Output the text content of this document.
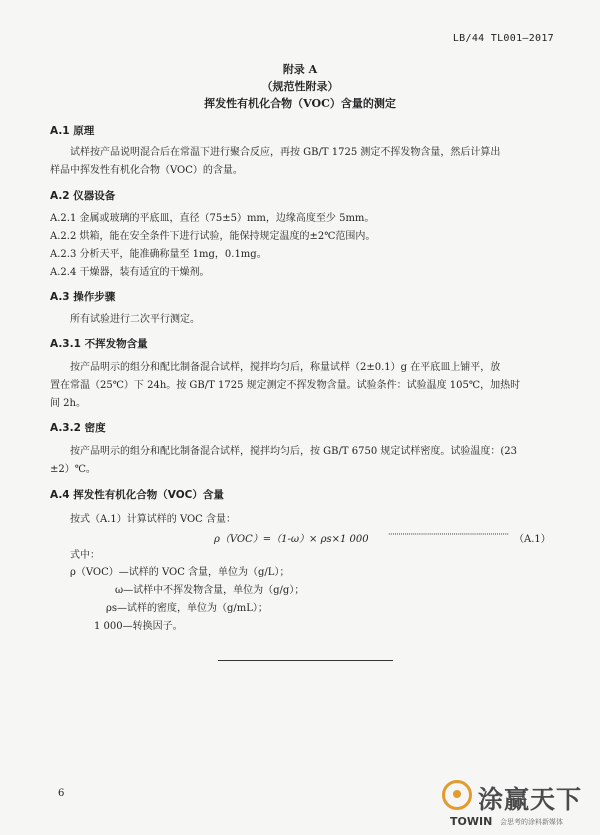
LB/44 TL001—2017
附录 A
（规范性附录）
挥发性有机化合物（VOC）含量的测定
A.1 原理
试样按产品说明混合后在常温下进行聚合反应，再按 GB/T 1725 测定不挥发物含量，然后计算出
样品中挥发性有机化合物（VOC）的含量。
A.2 仪器设备
A.2.1 金属或玻璃的平底皿，直径（75±5）mm，边缘高度至少 5mm。
A.2.2 烘箱，能在安全条件下进行试验，能保持规定温度的±2℃范围内。
A.2.3 分析天平，能准确称量至 1mg，0.1mg。
A.2.4 干燥器，装有适宜的干燥剂。
A.3 操作步骤
所有试验进行二次平行测定。
A.3.1 不挥发物含量
按产品明示的组分和配比制备混合试样，搅拌均匀后，称量试样（2±0.1）g 在平底皿上铺平，放
置在常温（25℃）下 24h。按 GB/T 1725 规定测定不挥发物含量。试验条件：试验温度 105℃，加热时
间 2h。
A.3.2 密度
按产品明示的组分和配比制备混合试样，搅拌均匀后，按 GB/T 6750 规定试样密度。试验温度：(23
±2）℃。
A.4 挥发性有机化合物（VOC）含量
按式（A.1）计算试样的 VOC 含量：
ρ（VOC）=（1-ω）× ρs×1 000 ··························································· （A.1）
式中：
ρ（VOC）—试样的 VOC 含量，单位为（g/L）；
ω—试样中不挥发物含量，单位为（g/g）；
ρs—试样的密度，单位为（g/mL）；
1 000—转换因子。
6	涂赢天下
TOWIN 会思考的涂料新媒体
